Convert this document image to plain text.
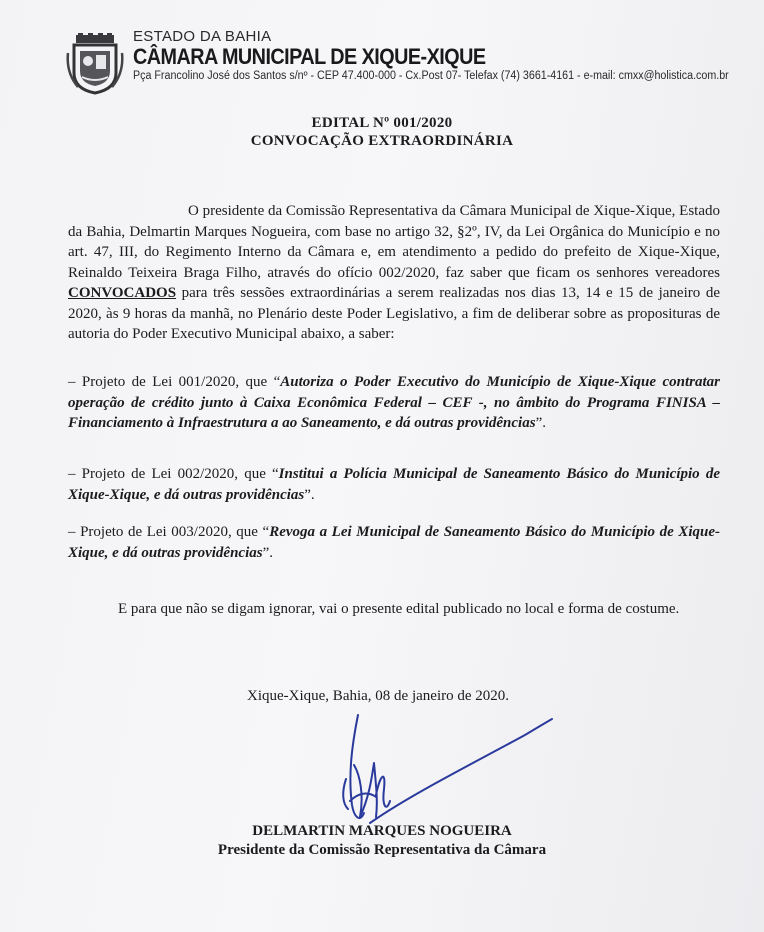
ESTADO DA BAHIA
CÂMARA MUNICIPAL DE XIQUE-XIQUE
Pça Francolino José dos Santos s/nº - CEP 47.400-000 - Cx.Post 07- Telefax (74) 3661-4161 - e-mail: cmxx@holistica.com.br
EDITAL Nº 001/2020
CONVOCAÇÃO EXTRAORDINÁRIA

O presidente da Comissão Representativa da Câmara Municipal de Xique-Xique, Estado da Bahia, Delmartin Marques Nogueira, com base no artigo 32, §2º, IV, da Lei Orgânica do Município e no art. 47, III, do Regimento Interno da Câmara e, em atendimento a pedido do prefeito de Xique-Xique, Reinaldo Teixeira Braga Filho, através do ofício 002/2020, faz saber que ficam os senhores vereadores CONVOCADOS para três sessões extraordinárias a serem realizadas nos dias 13, 14 e 15 de janeiro de 2020, às 9 horas da manhã, no Plenário deste Poder Legislativo, a fim de deliberar sobre as proposituras de autoria do Poder Executivo Municipal abaixo, a saber:

– Projeto de Lei 001/2020, que “Autoriza o Poder Executivo do Município de Xique-Xique contratar operação de crédito junto à Caixa Econômica Federal – CEF -, no âmbito do Programa FINISA – Financiamento à Infraestrutura a ao Saneamento, e dá outras providências”.

– Projeto de Lei 002/2020, que “Institui a Polícia Municipal de Saneamento Básico do Município de Xique-Xique, e dá outras providências”.

– Projeto de Lei 003/2020, que “Revoga a Lei Municipal de Saneamento Básico do Município de Xique-Xique, e dá outras providências”.

E para que não se digam ignorar, vai o presente edital publicado no local e forma de costume.

Xique-Xique, Bahia, 08 de janeiro de 2020.
DELMARTIN MARQUES NOGUEIRA
Presidente da Comissão Representativa da Câmara
